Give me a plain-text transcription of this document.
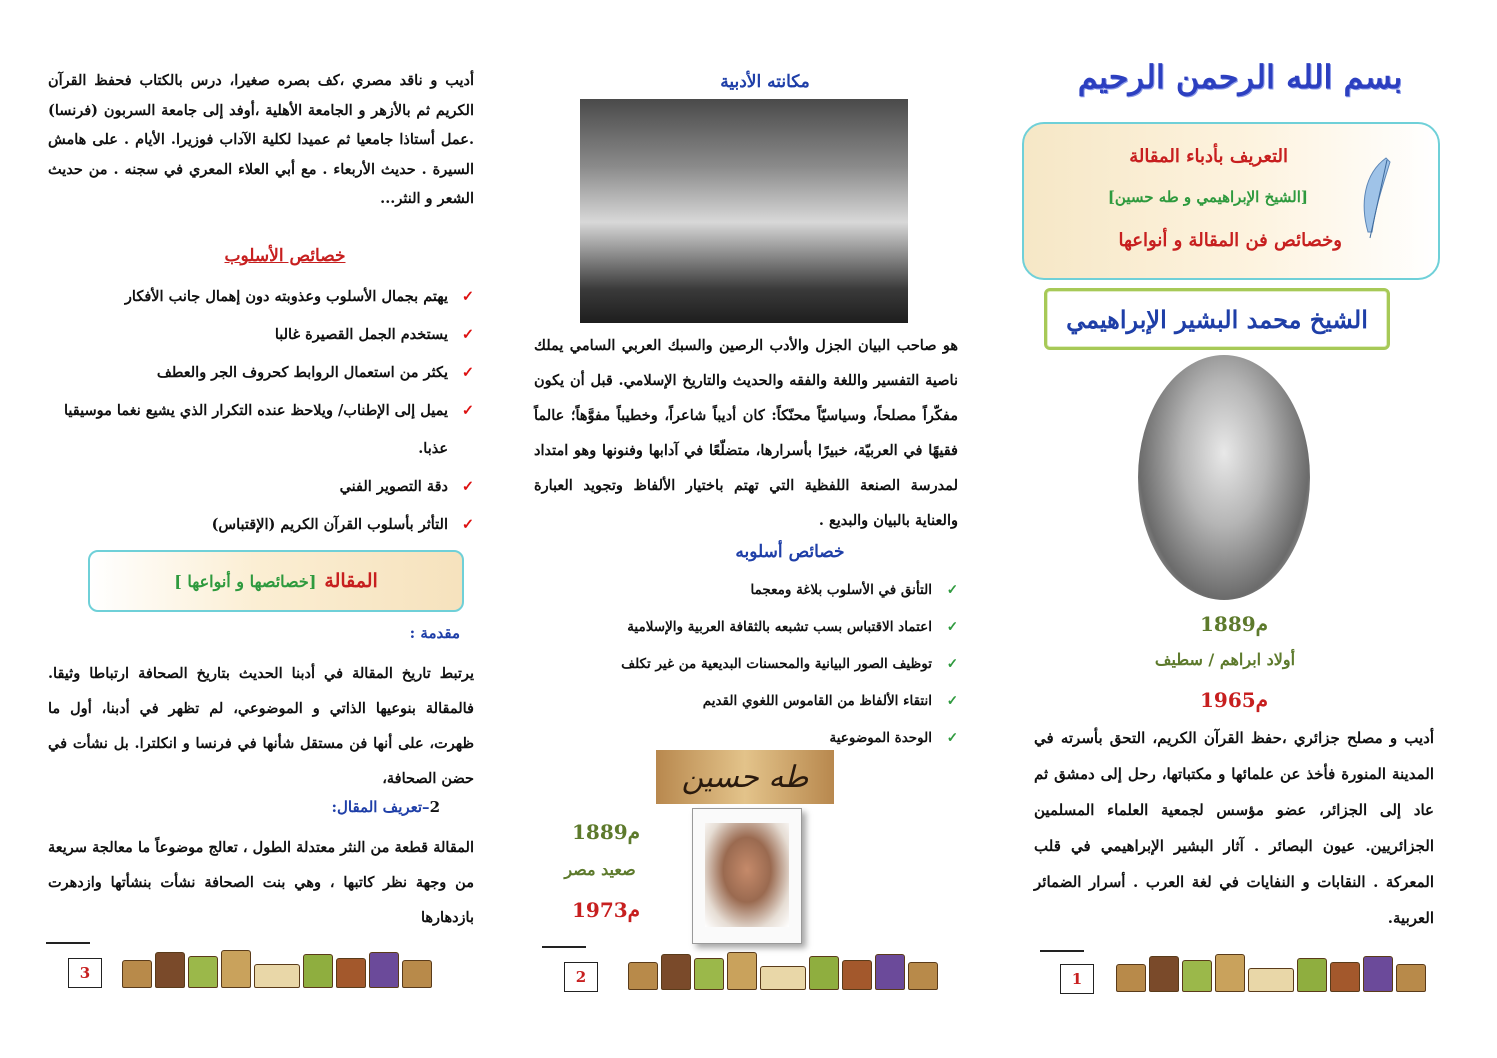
بسم الله الرحمن الرحيم
التعريف بأدباء المقالة
[الشيخ الإبراهيمي و طه حسين]
وخصائص فن المقالة و أنواعها
الشيخ محمد البشير الإبراهيمي
1889م
أولاد ابراهم / سطيف
1965م
أديب و مصلح جزائري ،حفظ القرآن الكريم، التحق بأسرته في المدينة المنورة فأخذ عن علمائها و مكتباتها، رحل إلى دمشق ثم عاد إلى الجزائر، عضو مؤسس لجمعية العلماء المسلمين الجزائريين. عيون البصائر . آثار البشير الإبراهيمي في قلب المعركة . النقابات و النفايات في لغة العرب . أسرار الضمائر العربية.
1
مكانته الأدبية
هو صاحب البيان الجزل والأدب الرصين والسبك العربي السامي يملك ناصية التفسير واللغة والفقه والحديث والتاريخ الإسلامي. قبل أن يكون مفكّراً مصلحاً، وسياسيّاً محنّكاً: كان أديباً شاعراً، وخطيباً مفوَّهاً؛ عالماً فقيهًا في العربيّة، خبيرًا بأسرارها، متضلّعًا في آدابها وفنونها وهو امتداد لمدرسة الصنعة اللفظية التي تهتم باختيار الألفاظ وتجويد العبارة والعناية بالبيان والبديع .
خصائص أسلوبه
✓
التأنق في الأسلوب بلاغة ومعجما
✓
اعتماد الاقتباس بسب تشبعه بالثقافة العربية والإسلامية
✓
توظيف الصور البيانية والمحسنات البديعية من غير تكلف
✓
انتقاء الألفاظ من القاموس اللغوي القديم
✓
الوحدة الموضوعية
طه حسين
1889م
صعيد مصر
1973م
2
أديب و ناقد مصري ،كف بصره صغيرا، درس بالكتاب فحفظ القرآن الكريم ثم بالأزهر و الجامعة الأهلية ،أوفد إلى جامعة السربون (فرنسا) .عمل أستاذا جامعيا ثم عميدا لكلية الآداب فوزيرا. الأيام . على هامش السيرة . حديث الأربعاء . مع أبي العلاء المعري في سجنه . من حديث الشعر و النثر...
خصائص الأسلوب
✓
يهتم بجمال الأسلوب وعذوبته دون إهمال جانب الأفكار
✓
يستخدم الجمل القصيرة غالبا
✓
يكثر من استعمال الروابط كحروف الجر والعطف
✓
يميل إلى الإطناب/ ويلاحظ عنده التكرار الذي يشيع نغما موسيقيا عذبا.
✓
دقة التصوير الفني
✓
التأثر بأسلوب القرآن الكريم (الإقتباس)
المقالة
[خصائصها و أنواعها ]
مقدمة :
يرتبط تاريخ المقالة في أدبنا الحديث بتاريخ الصحافة ارتباطا وثيقا. فالمقالة بنوعيها الذاتي و الموضوعي، لم تظهر في أدبنا، أول ما ظهرت، على أنها فن مستقل شأنها في فرنسا و انكلترا. بل نشأت في حضن الصحافة،
2–تعريف المقال:
المقالة قطعة من النثر معتدلة الطول ، تعالج موضوعاً ما معالجة سريعة من وجهة نظر كاتبها ، وهي بنت الصحافة نشأت بنشأتها وازدهرت بازدهارها
3
